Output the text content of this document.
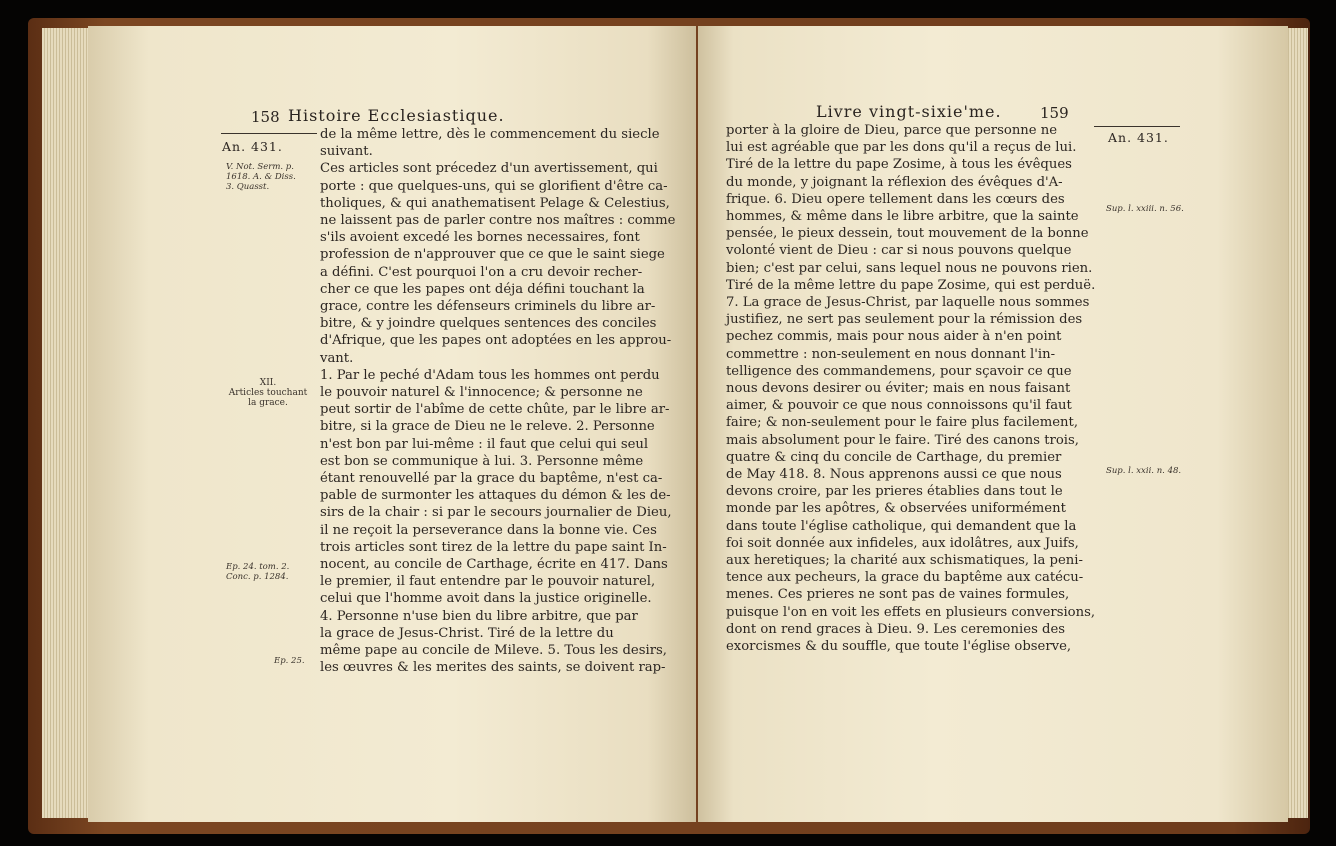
158 Histoire Ecclesiastique.
An. 431.
V. Not. Serm. p.
1618. A. & Diss.
3. Quasst.
XII.
Articles touchant
la grace.
Ep. 24. tom. 2.
Conc. p. 1284.
Ep. 25.

de la même lettre, dès le commencement du siecle

suivant.

Ces articles sont précedez d'un avertissement, qui

porte : que quelques-uns, qui se glorifient d'être ca-

tholiques, & qui anathematisent Pelage & Celestius,

ne laissent pas de parler contre nos maîtres : comme

s'ils avoient excedé les bornes necessaires, font

profession de n'approuver que ce que le saint siege

a défini. C'est pourquoi l'on a cru devoir recher-

cher ce que les papes ont déja défini touchant la

grace, contre les défenseurs criminels du libre ar-

bitre, & y joindre quelques sentences des conciles

d'Afrique, que les papes ont adoptées en les approu-

vant.

1. Par le peché d'Adam tous les hommes ont perdu

le pouvoir naturel & l'innocence; & personne ne

peut sortir de l'abîme de cette chûte, par le libre ar-

bitre, si la grace de Dieu ne le releve. 2. Personne

n'est bon par lui-même : il faut que celui qui seul

est bon se communique à lui. 3. Personne même

étant renouvellé par la grace du baptême, n'est ca-

pable de surmonter les attaques du démon & les de-

sirs de la chair : si par le secours journalier de Dieu,

il ne reçoit la perseverance dans la bonne vie. Ces

trois articles sont tirez de la lettre du pape saint In-

nocent, au concile de Carthage, écrite en 417. Dans

le premier, il faut entendre par le pouvoir naturel,

celui que l'homme avoit dans la justice originelle.

4. Personne n'use bien du libre arbitre, que par

la grace de Jesus-Christ. Tiré de la lettre du

même pape au concile de Mileve. 5. Tous les desirs,

les œuvres & les merites des saints, se doivent rap-

Livre vingt-sixie'me.	159
An. 431.
Sup. l. xxiii. n. 56.
Sup. l. xxii. n. 48.

porter à la gloire de Dieu, parce que personne ne

lui est agréable que par les dons qu'il a reçus de lui.

Tiré de la lettre du pape Zosime, à tous les évêques

du monde, y joignant la réflexion des évêques d'A-

frique. 6. Dieu opere tellement dans les cœurs des

hommes, & même dans le libre arbitre, que la sainte

pensée, le pieux dessein, tout mouvement de la bonne

volonté vient de Dieu : car si nous pouvons quelque

bien; c'est par celui, sans lequel nous ne pouvons rien.

Tiré de la même lettre du pape Zosime, qui est perduë.

7. La grace de Jesus-Christ, par laquelle nous sommes

justifiez, ne sert pas seulement pour la rémission des

pechez commis, mais pour nous aider à n'en point

commettre : non-seulement en nous donnant l'in-

telligence des commandemens, pour sçavoir ce que

nous devons desirer ou éviter; mais en nous faisant

aimer, & pouvoir ce que nous connoissons qu'il faut

faire; & non-seulement pour le faire plus facilement,

mais absolument pour le faire. Tiré des canons trois,

quatre & cinq du concile de Carthage, du premier

de May 418. 8. Nous apprenons aussi ce que nous

devons croire, par les prieres établies dans tout le

monde par les apôtres, & observées uniformément

dans toute l'église catholique, qui demandent que la

foi soit donnée aux infideles, aux idolâtres, aux Juifs,

aux heretiques; la charité aux schismatiques, la peni-

tence aux pecheurs, la grace du baptême aux catécu-

menes. Ces prieres ne sont pas de vaines formules,

puisque l'on en voit les effets en plusieurs conversions,

dont on rend graces à Dieu. 9. Les ceremonies des

exorcismes & du souffle, que toute l'église observe,
